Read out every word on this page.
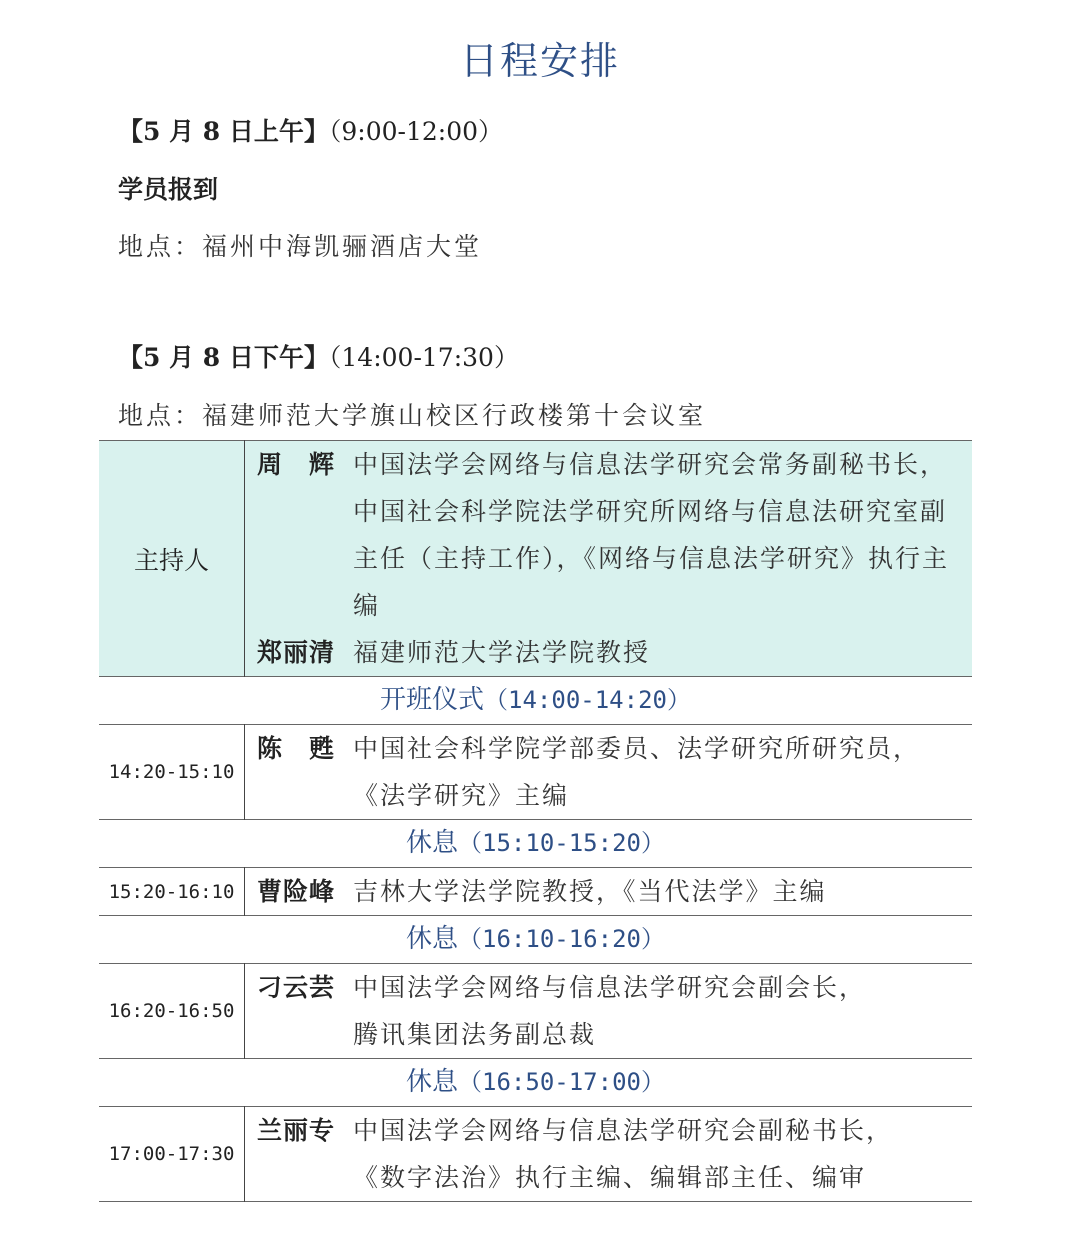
日程安排
【5 月 8 日上午】（9:00-12:00）
学员报到
地点：福州中海凯骊酒店大堂
【5 月 8 日下午】（14:00-17:30）
地点：福建师范大学旗山校区行政楼第十会议室
主持人	周　辉 中国法学会网络与信息法学研究会常务副秘书长，中国社会科学院法学研究所网络与信息法研究室副主任（主持工作），《网络与信息法学研究》执行主编
郑丽清 福建师范大学法学院教授

开班仪式（14:00-14:20）	
14:20-15:10	陈　甦 中国社会科学院学部委员、法学研究所研究员，
《法学研究》主编

休息（15:10-15:20）	
15:20-16:10	曹险峰 吉林大学法学院教授，《当代法学》主编

休息（16:10-16:20）	
16:20-16:50	刁云芸 中国法学会网络与信息法学研究会副会长，
腾讯集团法务副总裁

休息（16:50-17:00）	
17:00-17:30	兰丽专 中国法学会网络与信息法学研究会副秘书长，
《数字法治》执行主编、编辑部主任、编审
